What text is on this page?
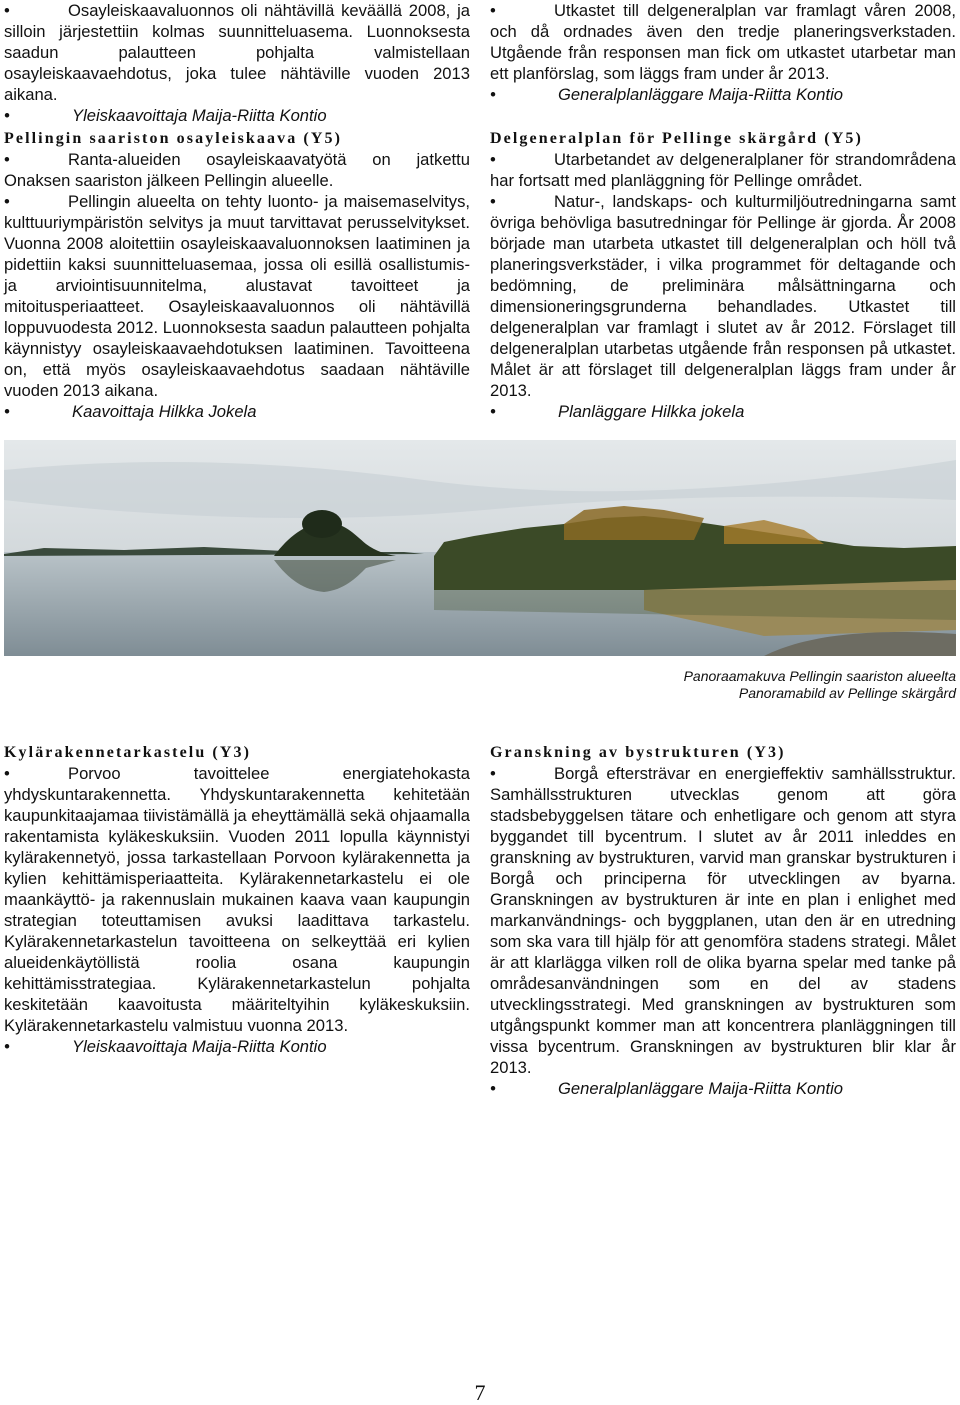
• Osayleiskaavaluonnos oli nähtävillä keväällä 2008, ja silloin järjestettiin kolmas suunnitteluasema. Luonnoksesta saadun palautteen pohjalta valmistellaan osayleiskaavaehdotus, joka tulee nähtäville vuoden 2013 aikana.

• Yleiskaavoittaja Maija-Riitta Kontio

• Utkastet till delgeneralplan var framlagt våren 2008, och då ordnades även den tredje planeringsverkstaden. Utgående från responsen man fick om utkastet utarbetar man ett planförslag, som läggs fram under år 2013.

• Generalplanläggare Maija-Riitta Kontio

Pellingin saariston osayleiskaava (Y5)

• Ranta-alueiden osayleiskaavatyötä on jatkettu Onaksen saariston jälkeen Pellingin alueelle.

• Pellingin alueelta on tehty luonto- ja maisemaselvitys, kulttuuriympäristön selvitys ja muut tarvittavat perusselvitykset. Vuonna 2008 aloitettiin osayleiskaavaluonnoksen laatiminen ja pidettiin kaksi suunnitteluasemaa, jossa oli esillä osallistumis- ja arviointisuunnitelma, alustavat tavoitteet ja mitoitusperiaatteet. Osayleiskaavaluonnos oli nähtävillä loppuvuodesta 2012. Luonnoksesta saadun palautteen pohjalta käynnistyy osayleiskaavaehdotuksen laatiminen. Tavoitteena on, että myös osayleiskaavaehdotus saadaan nähtäville vuoden 2013 aikana.

• Kaavoittaja Hilkka Jokela

Delgeneralplan för Pellinge skärgård (Y5)

• Utarbetandet av delgeneralplaner för strandområdena har fortsatt med planläggning för Pellinge området.

• Natur-, landskaps- och kulturmiljöutredningarna samt övriga behövliga basutredningar för Pellinge är gjorda. År 2008 började man utarbeta utkastet till delgeneralplan och höll två planeringsverkstäder, i vilka programmet för deltagande och bedömning, de preliminära målsättningarna och dimensioneringsgrunderna behandlades. Utkastet till delgeneralplan var framlagt i slutet av år 2012. Förslaget till delgeneralplan utarbetas utgående från responsen på utkastet. Målet är att förslaget till delgeneralplan läggs fram under år 2013.

• Planläggare Hilkka jokela

Panoraamakuva Pellingin saariston alueelta
Panoramabild av Pellinge skärgård
Kylärakennetarkastelu (Y3)

• Porvoo tavoittelee energiatehokasta yhdyskuntarakennetta. Yhdyskuntarakennetta kehitetään kaupunkitaajamaa tiivistämällä ja eheyttämällä sekä ohjaamalla rakentamista kyläkeskuksiin. Vuoden 2011 lopulla käynnistyi kylärakennetyö, jossa tarkastellaan Porvoon kylärakennetta ja kylien kehittämisperiaatteita. Kylärakennetarkastelu ei ole maankäyttö- ja rakennuslain mukainen kaava vaan kaupungin strategian toteuttamisen avuksi laadittava tarkastelu. Kylärakennetarkastelun tavoitteena on selkeyttää eri kylien alueidenkäytöllistä roolia osana kaupungin kehittämisstrategiaa. Kylärakennetarkastelun pohjalta keskitetään kaavoitusta määriteltyihin kyläkeskuksiin. Kylärakennetarkastelu valmistuu vuonna 2013.

• Yleiskaavoittaja Maija-Riitta Kontio

Granskning av bystrukturen (Y3)

• Borgå eftersträvar en energieffektiv samhällsstruktur. Samhällsstrukturen utvecklas genom att göra stadsbebyggelsen tätare och enhetligare och genom att styra byggandet till bycentrum. I slutet av år 2011 inleddes en granskning av bystrukturen, varvid man granskar bystrukturen i Borgå och principerna för utvecklingen av byarna. Granskningen av bystrukturen är inte en plan i enlighet med markanvändnings- och byggplanen, utan den är en utredning som ska vara till hjälp för att genomföra stadens strategi. Målet är att klarlägga vilken roll de olika byarna spelar med tanke på områdesanvändningen som en del av stadens utvecklingsstrategi. Med granskningen av bystrukturen som utgångspunkt kommer man att koncentrera planläggningen till vissa bycentrum. Granskningen av bystrukturen blir klar år 2013.

• Generalplanläggare Maija-Riitta Kontio

7
